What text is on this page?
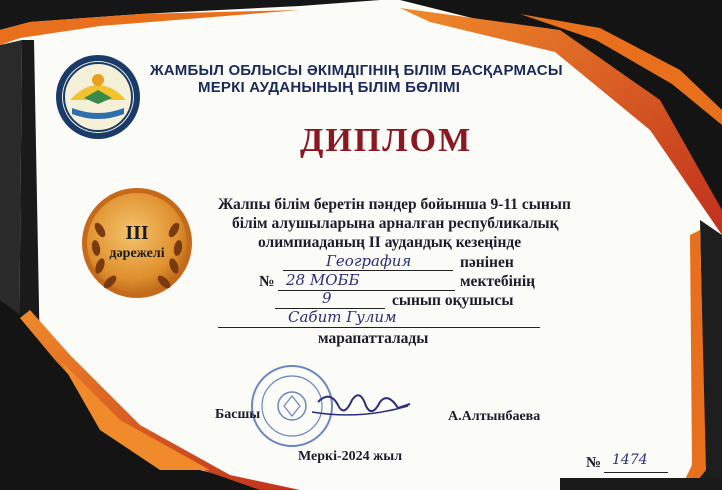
ЖАМБЫЛ ОБЛЫСЫ ӘКІМДІГІНІҢ БІЛІМ БАСҚАРМАСЫ
МЕРКІ АУДАНЫНЫҢ БІЛІМ БӨЛІМІ
ДИПЛОМ
III
дәрежелі
Жалпы білім беретін пәндер бойынша 9-11 сынып
білім алушыларына арналған республикалық
олимпиаданың II аудандық кезеңінде
География	пәнінен
№ 28 МОББ	мектебінің
9	сынып оқушысы
Сабит Гулим
марапатталады
Басшы	А.Алтынбаева
Меркі-2024 жыл	№ 1474
